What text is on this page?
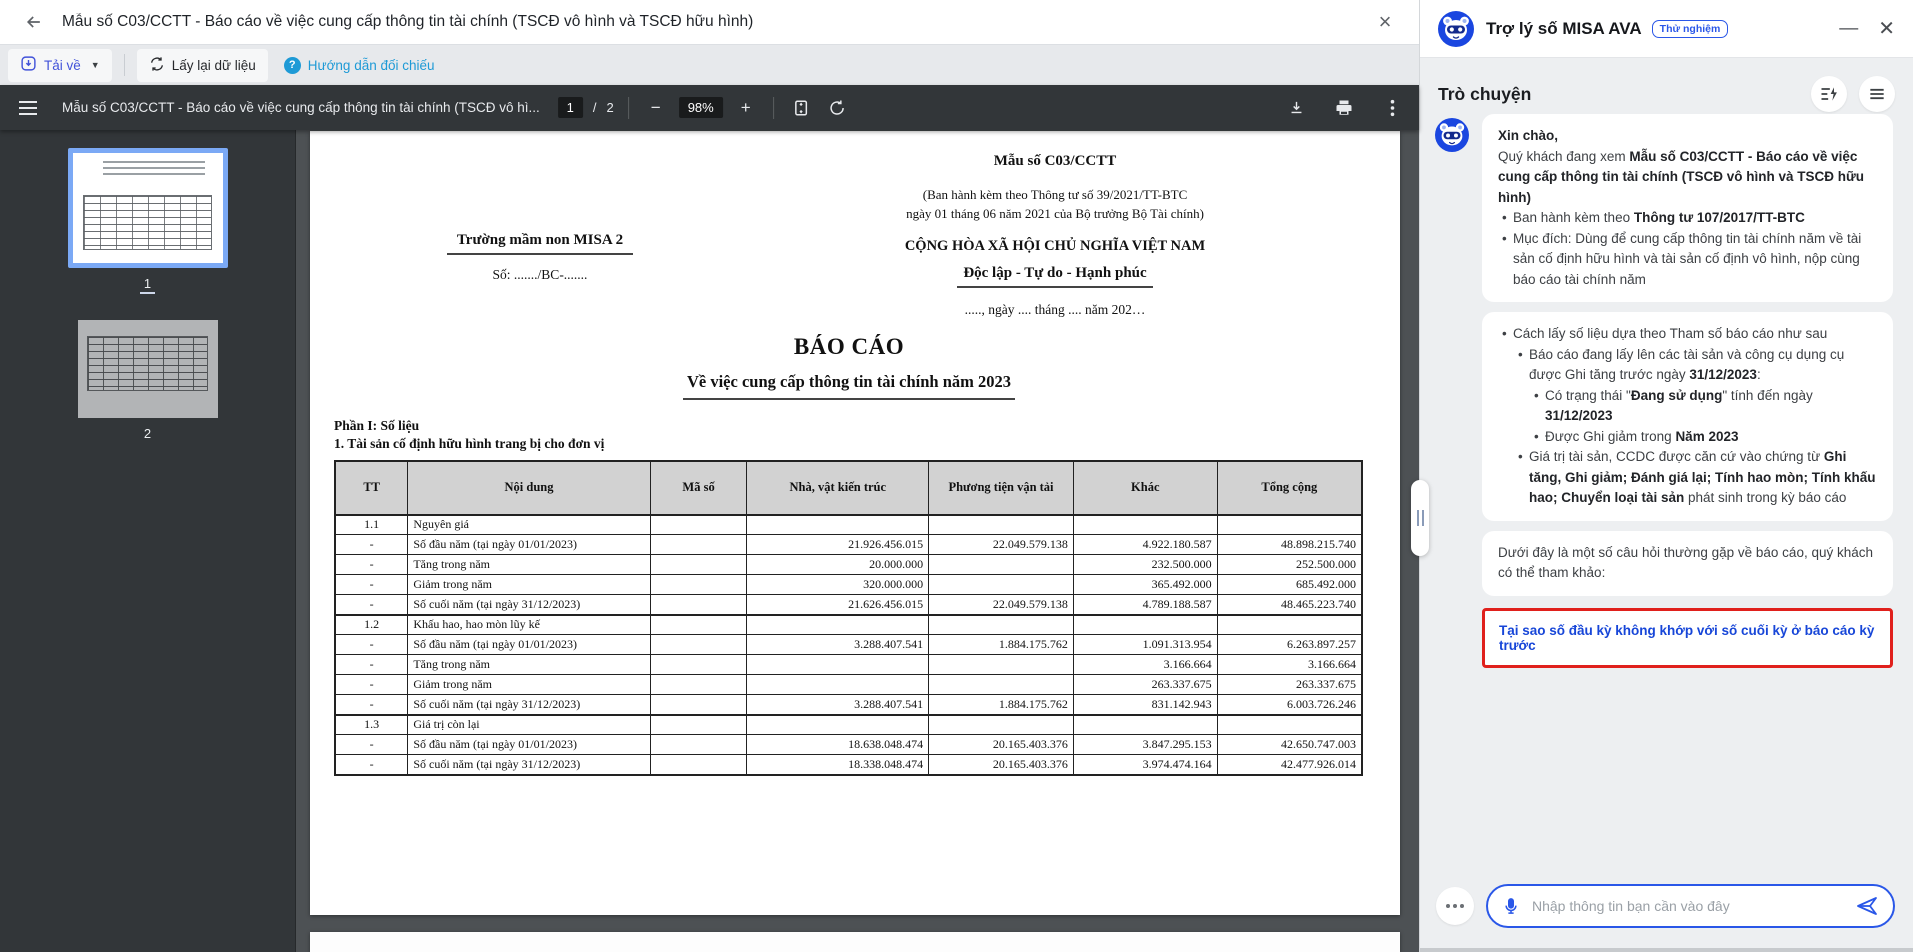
Mẫu số C03/CCTT - Báo cáo về việc cung cấp thông tin tài chính (TSCĐ vô hình và TSCĐ hữu hình)	×
Tải về ▼	Lấy lại dữ liệu	? Hướng dẫn đối chiếu
Mẫu số C03/CCTT - Báo cáo về việc cung cấp thông tin tài chính (TSCĐ vô hì...	1	/ 2	−	98%	+
1
2
Trường mầm non MISA 2
Số: ......./BC-.......
Mẫu số C03/CCTT
(Ban hành kèm theo Thông tư số 39/2021/TT-BTC
ngày 01 tháng 06 năm 2021 của Bộ trưởng Bộ Tài chính)
CỘNG HÒA XÃ HỘI CHỦ NGHĨA VIỆT NAM
Độc lập - Tự do - Hạnh phúc
....., ngày .... tháng .... năm 202…
BÁO CÁO
Về việc cung cấp thông tin tài chính năm 2023
Phần I: Số liệu
1. Tài sản cố định hữu hình trang bị cho đơn vị
TT	Nội dung	Mã số	Nhà, vật kiến trúc	Phương tiện vận tải	Khác	Tổng cộng
1.1	Nguyên giá					
-	Số đầu năm (tại ngày 01/01/2023)		21.926.456.015	22.049.579.138	4.922.180.587	48.898.215.740
-	Tăng trong năm		20.000.000		232.500.000	252.500.000
-	Giảm trong năm		320.000.000		365.492.000	685.492.000
-	Số cuối năm (tại ngày 31/12/2023)		21.626.456.015	22.049.579.138	4.789.188.587	48.465.223.740
1.2	Khấu hao, hao mòn lũy kế					
-	Số đầu năm (tại ngày 01/01/2023)		3.288.407.541	1.884.175.762	1.091.313.954	6.263.897.257
-	Tăng trong năm				3.166.664	3.166.664
-	Giảm trong năm				263.337.675	263.337.675
-	Số cuối năm (tại ngày 31/12/2023)		3.288.407.541	1.884.175.762	831.142.943	6.003.726.246
1.3	Giá trị còn lại					
-	Số đầu năm (tại ngày 01/01/2023)		18.638.048.474	20.165.403.376	3.847.295.153	42.650.747.003
-	Số cuối năm (tại ngày 31/12/2023)		18.338.048.474	20.165.403.376	3.974.474.164	42.477.926.014
Trợ lý số MISA AVA	Thử nghiệm	— ✕
Trò chuyện
Xin chào,
Quý khách đang xem Mẫu số C03/CCTT - Báo cáo về việc cung cấp thông tin tài chính (TSCĐ vô hình và TSCĐ hữu hình)
• Ban hành kèm theo Thông tư 107/2017/TT-BTC
• Mục đích: Dùng để cung cấp thông tin tài chính năm về tài sản cố định hữu hình và tài sản cố định vô hình, nộp cùng báo cáo tài chính năm
• Cách lấy số liệu dựa theo Tham số báo cáo như sau
• Báo cáo đang lấy lên các tài sản và công cụ dụng cụ được Ghi tăng trước ngày 31/12/2023:
• Có trạng thái "Đang sử dụng" tính đến ngày 31/12/2023
• Được Ghi giảm trong Năm 2023
• Giá trị tài sản, CCDC được căn cứ vào chứng từ Ghi tăng, Ghi giảm; Đánh giá lại; Tính hao mòn; Tính khấu hao; Chuyển loại tài sản phát sinh trong kỳ báo cáo
Dưới đây là một số câu hỏi thường gặp về báo cáo, quý khách có thể tham khảo:
Tại sao số đầu kỳ không khớp với số cuối kỳ ở báo cáo kỳ trước
Nhập thông tin bạn cần vào đây
